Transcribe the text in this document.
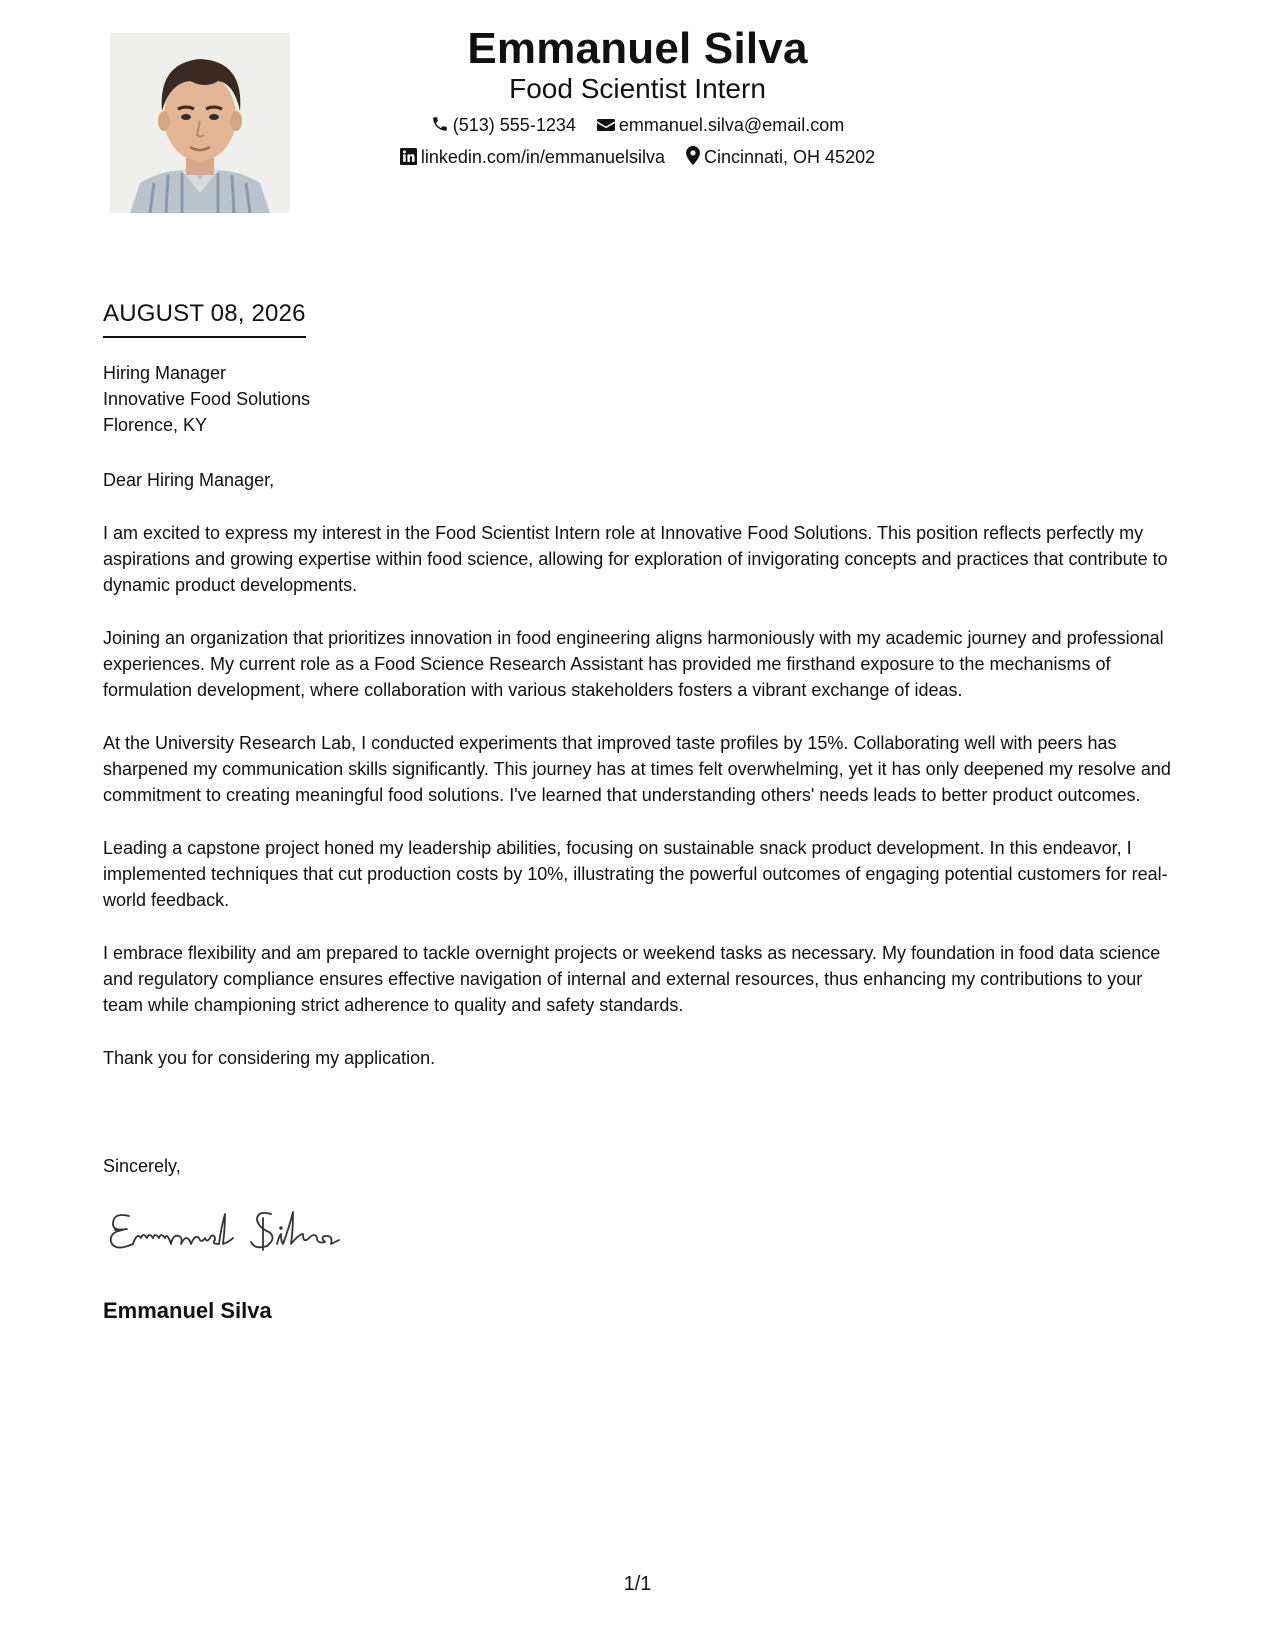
Emmanuel Silva
Food Scientist Intern
(513) 555-1234 emmanuel.silva@email.com
linkedin.com/in/emmanuelsilva Cincinnati, OH 45202
AUGUST 08, 2026
Hiring Manager
Innovative Food Solutions
Florence, KY

Dear Hiring Manager,

I am excited to express my interest in the Food Scientist Intern role at Innovative Food Solutions. This position reflects perfectly my aspirations and growing expertise within food science, allowing for exploration of invigorating concepts and practices that contribute to dynamic product developments.

Joining an organization that prioritizes innovation in food engineering aligns harmoniously with my academic journey and professional experiences. My current role as a Food Science Research Assistant has provided me firsthand exposure to the mechanisms of formulation development, where collaboration with various stakeholders fosters a vibrant exchange of ideas.

At the University Research Lab, I conducted experiments that improved taste profiles by 15%. Collaborating well with peers has sharpened my communication skills significantly. This journey has at times felt overwhelming, yet it has only deepened my resolve and commitment to creating meaningful food solutions. I've learned that understanding others' needs leads to better product outcomes.

Leading a capstone project honed my leadership abilities, focusing on sustainable snack product development. In this endeavor, I implemented techniques that cut production costs by 10%, illustrating the powerful outcomes of engaging potential customers for real-world feedback.

I embrace flexibility and am prepared to tackle overnight projects or weekend tasks as necessary. My foundation in food data science and regulatory compliance ensures effective navigation of internal and external resources, thus enhancing my contributions to your team while championing strict adherence to quality and safety standards.

Thank you for considering my application.

Sincerely,
Emmanuel Silva
1/1
